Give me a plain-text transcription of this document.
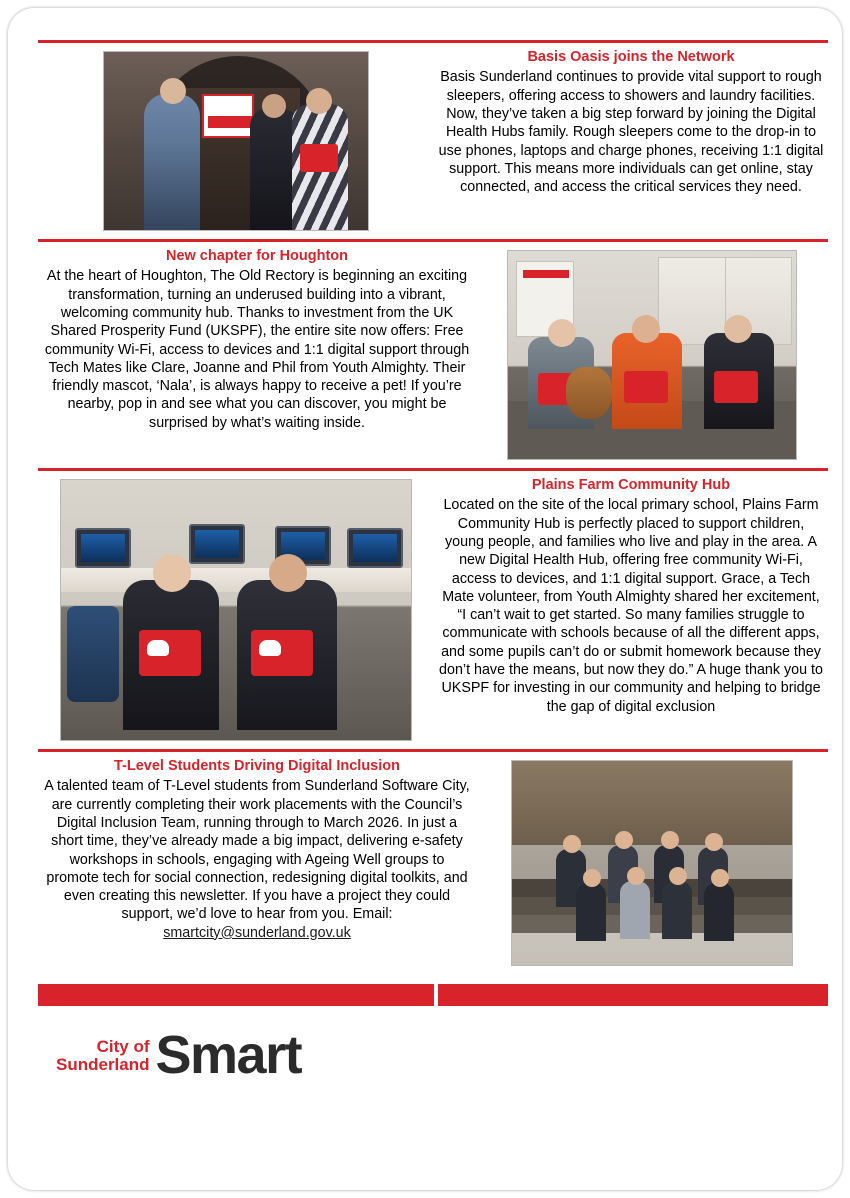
Basis Oasis joins the Network

Basis Sunderland continues to provide vital support to rough sleepers, offering access to showers and laundry facilities. Now, they’ve taken a big step forward by joining the Digital Health Hubs family. Rough sleepers come to the drop-in to use phones, laptops and charge phones, receiving 1:1 digital support. This means more individuals can get online, stay connected, and access the critical services they need.

New chapter for Houghton

At the heart of Houghton, The Old Rectory is beginning an exciting transformation, turning an underused building into a vibrant, welcoming community hub. Thanks to investment from the UK Shared Prosperity Fund (UKSPF), the entire site now offers: Free community Wi-Fi, access to devices and 1:1 digital support through Tech Mates like Clare, Joanne and Phil from Youth Almighty. Their friendly mascot, ‘Nala’, is always happy to receive a pet! If you’re nearby, pop in and see what you can discover, you might be surprised by what’s waiting inside.

Plains Farm Community Hub

Located on the site of the local primary school, Plains Farm Community Hub is perfectly placed to support children, young people, and families who live and play in the area. A new Digital Health Hub, offering free community Wi-Fi, access to devices, and 1:1 digital support. Grace, a Tech Mate volunteer, from Youth Almighty shared her excitement, “I can’t wait to get started. So many families struggle to communicate with schools because of all the different apps, and some pupils can’t do or submit homework because they don’t have the means, but now they do.” A huge thank you to UKSPF for investing in our community and helping to bridge the gap of digital exclusion

T-Level Students Driving Digital Inclusion

A talented team of T-Level students from Sunderland Software City, are currently completing their work placements with the Council’s Digital Inclusion Team, running through to March 2026. In just a short time, they’ve already made a big impact, delivering e-safety workshops in schools, engaging with Ageing Well groups to promote tech for social connection, redesigning digital toolkits, and even creating this newsletter. If you have a project they could support, we’d love to hear from you. Email: smartcity@sunderland.gov.uk

City of
Sunderland Smart
